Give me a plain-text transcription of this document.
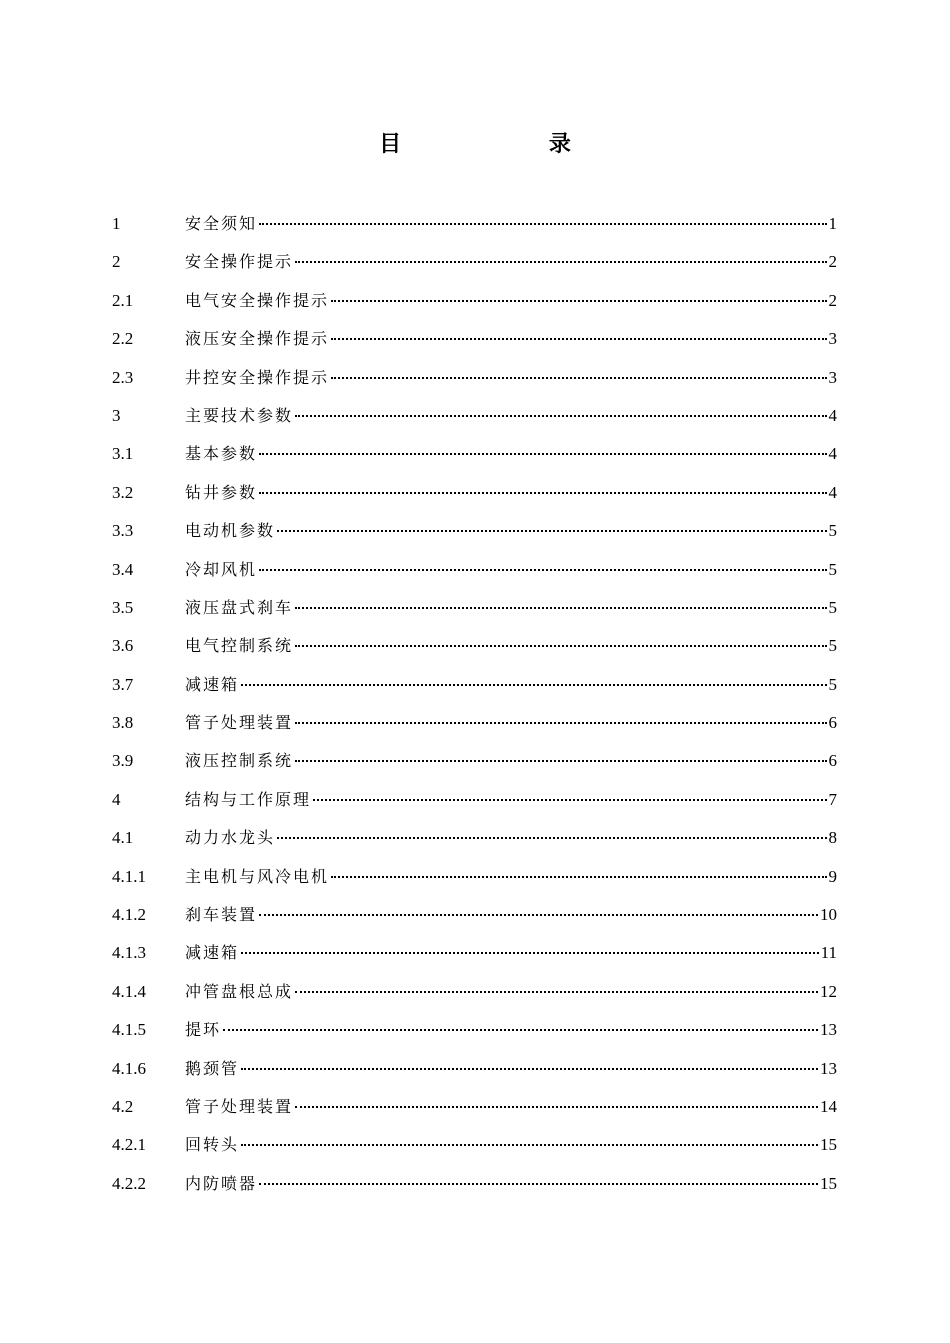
目 录
1	安全须知	1
2	安全操作提示	2
2.1	电气安全操作提示	2
2.2	液压安全操作提示	3
2.3	井控安全操作提示	3
3	主要技术参数	4
3.1	基本参数	4
3.2	钻井参数	4
3.3	电动机参数	5
3.4	冷却风机	5
3.5	液压盘式刹车	5
3.6	电气控制系统	5
3.7	减速箱	5
3.8	管子处理装置	6
3.9	液压控制系统	6
4	结构与工作原理	7
4.1	动力水龙头	8
4.1.1	主电机与风冷电机	9
4.1.2	刹车装置	10
4.1.3	减速箱	11
4.1.4	冲管盘根总成	12
4.1.5	提环	13
4.1.6	鹅颈管	13
4.2	管子处理装置	14
4.2.1	回转头	15
4.2.2	内防喷器	15
